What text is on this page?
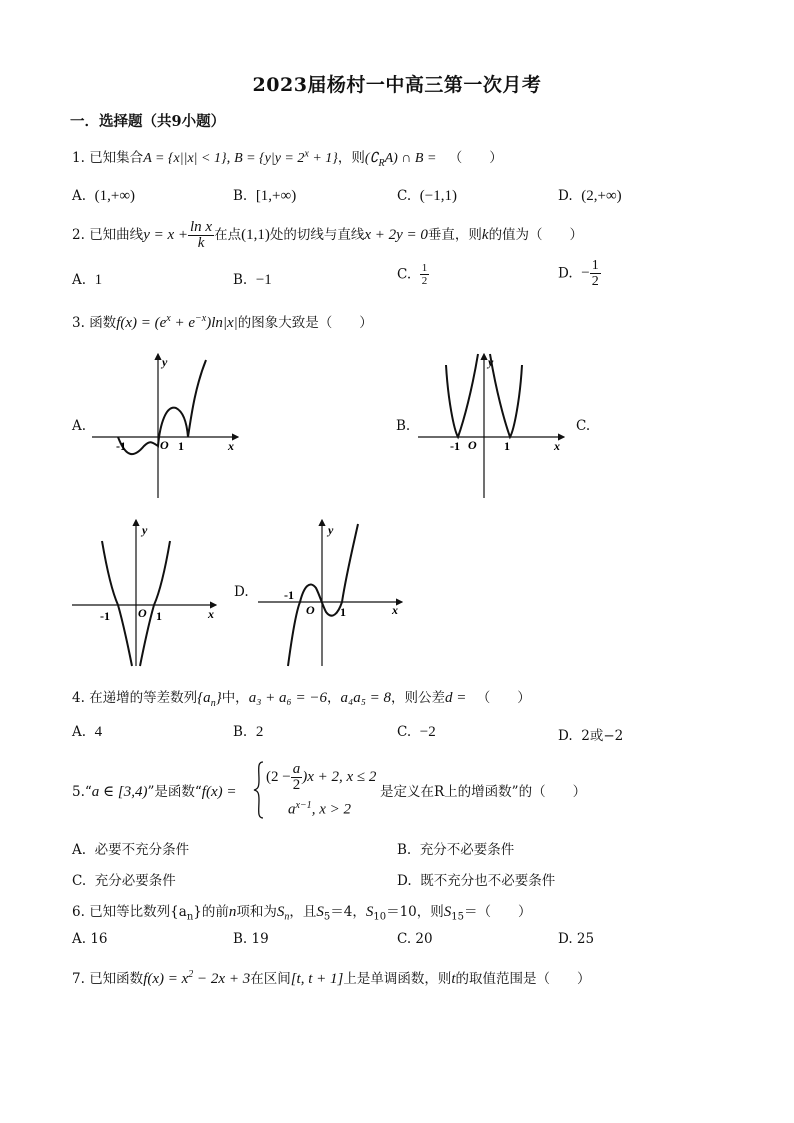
2023届杨村一中高三第一次月考
一．选择题（共9小题）
1. 已知集合A = {x||x| < 1}, $B = \{y|y = 2^x + 1\}$，则$(∁_RA)$ ∩ B = （　　）
A. (1,+∞)	B. [1,+∞)	C. (−1,1)	D. (2,+∞)
2. 已知曲线$y = x + \frac{\text{ln x}}{k}$ 在点(1,1)处的切线与直线x + 2y = 0垂直，则k的值为（　　）
A. 1	B. −1	C. $\frac{1}{2}$	D. − $\frac{1}{2}$
3. 函数$f(x) = (e^x + e^{-x})\ln|x|$的图象大致是（　　）
A.
y
x
O
-1	1
B.
y
x
O
-1	1
C.
y
x
O
-1	1
D.
y
x
O
-1
1
4. 在递增的等差数列$\{a_n\}$中，a₃ + a₆ = −6，a₄a₅ = 8，则公差d = （　　）
A. 4	B. 2	C. −2	D. 2或−2
5.“a ∈ [3,4)”是函数“f(x) =
$(2 - \frac{a}{2} )x + 2$, x ≤ 2
$a^{x-1}$, x > 2
是定义在R上的增函数”的（　　）
A. 必要不充分条件	B. 充分不必要条件
C. 充分必要条件	D. 既不充分也不必要条件
6. 已知等比数列$\{a_n\}$的前n项和为$S_n$，且$S_5=4$，$S_{10}=10$，则$S_{15}=$（　　）
A. 16	B. 19	C. 20	D. 25
7. 已知函数$f(x) = x^2 - 2x + 3$在区间[t, t + 1]上是单调函数，则t的取值范围是（　　）
